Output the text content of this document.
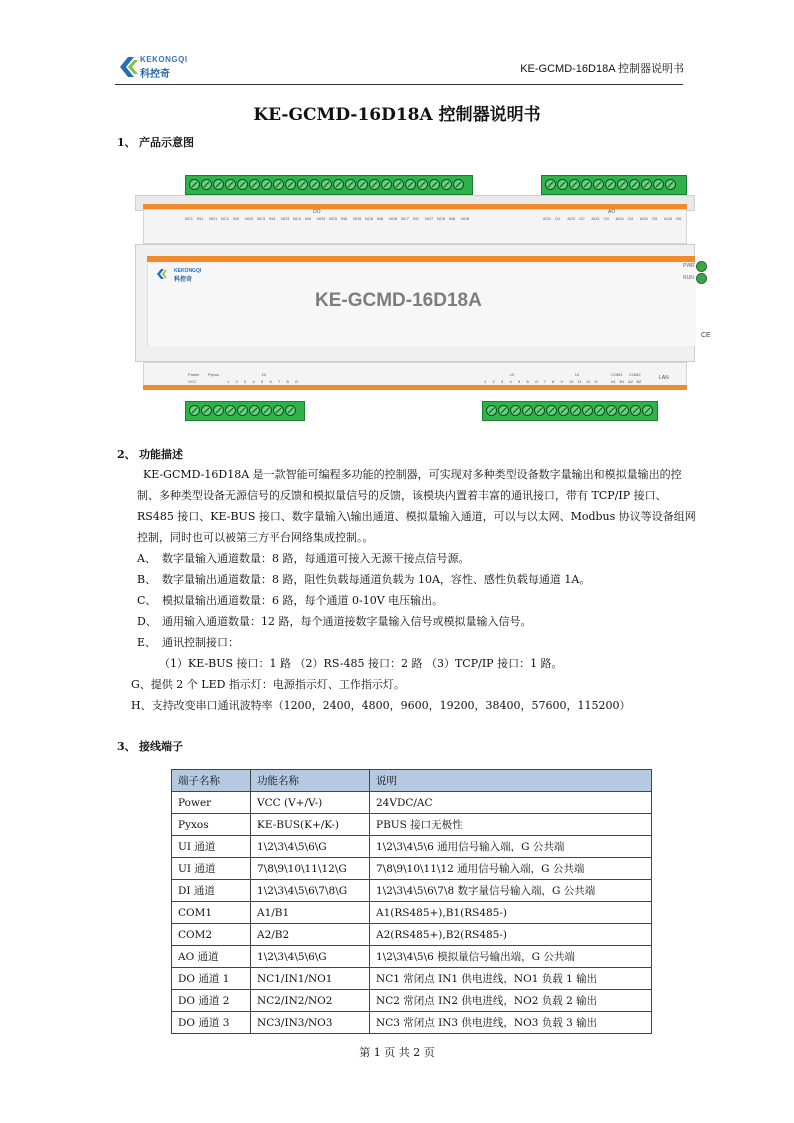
KEKONGQI
科控奇	KE-GCMD-16D18A 控制器说明书
KE-GCMD-16D18A 控制器说明书
1、 产品示意图
DO
NC1 IN1 NO1 NC2 IN2 NO2 NC3 IN3 NO3 NC4 IN4 NO4 NC5 IN5 NO5 NC6 IN6 NO6 NC7 IN7 NO7 NC8 IN8 NO8
AO
AO1 G1 AO2 G2 AO3 G3 AO4 G4 AO5 G5 AO6 G6
KEKONGQI
科控奇
KE-GCMD-16D18A
PWR
RUN
CE
Power Pyxos	DI
VCC	1 2 3 4 5 6 7 8 G
UI	UI
1 2 3 4 5 6 G 7 8 9 10 11 12 G
COM1 COM2
A1 B1 A2 B2
LAN
2、 功能描述
KE-GCMD-16D18A 是一款智能可编程多功能的控制器，可实现对多种类型设备数字量输出和模拟量输出的控制、多种类型设备无源信号的反馈和模拟量信号的反馈，该模块内置着丰富的通讯接口，带有 TCP/IP 接口、RS485 接口、KE-BUS 接口、数字量输入\输出通道、模拟量输入通道，可以与以太网、Modbus 协议等设备组网控制，同时也可以被第三方平台网络集成控制。。
A、 数字量输入通道数量：8 路，每通道可接入无源干接点信号源。
B、 数字量输出通道数量：8 路，阻性负载每通道负载为 10A，容性、感性负载每通道 1A。
C、 模拟量输出通道数量：6 路，每个通道 0-10V 电压输出。
D、 通用输入通道数量：12 路，每个通道接数字量输入信号或模拟量输入信号。
E、 通讯控制接口：
（1）KE-BUS 接口：1 路 （2）RS-485 接口：2 路 （3）TCP/IP 接口：1 路。
G、提供 2 个 LED 指示灯：电源指示灯、工作指示灯。
H、支持改变串口通讯波特率（1200，2400，4800，9600，19200，38400，57600，115200）
3、 接线端子
端子名称	功能名称	说明
Power	VCC (V+/V-)	24VDC/AC
Pyxos	KE-BUS(K+/K-)	PBUS 接口无极性
UI 通道	1\2\3\4\5\6\G	1\2\3\4\5\6 通用信号输入端，G 公共端
UI 通道	7\8\9\10\11\12\G	7\8\9\10\11\12 通用信号输入端，G 公共端
DI 通道	1\2\3\4\5\6\7\8\G	1\2\3\4\5\6\7\8 数字量信号输入端，G 公共端
COM1	A1/B1	A1(RS485+),B1(RS485-)
COM2	A2/B2	A2(RS485+),B2(RS485-)
AO 通道	1\2\3\4\5\6\G	1\2\3\4\5\6 模拟量信号输出端，G 公共端
DO 通道 1	NC1/IN1/NO1	NC1 常闭点 IN1 供电进线，NO1 负载 1 输出
DO 通道 2	NC2/IN2/NO2	NC2 常闭点 IN2 供电进线，NO2 负载 2 输出
DO 通道 3	NC3/IN3/NO3	NC3 常闭点 IN3 供电进线，NO3 负载 3 输出
第 1 页 共 2 页
